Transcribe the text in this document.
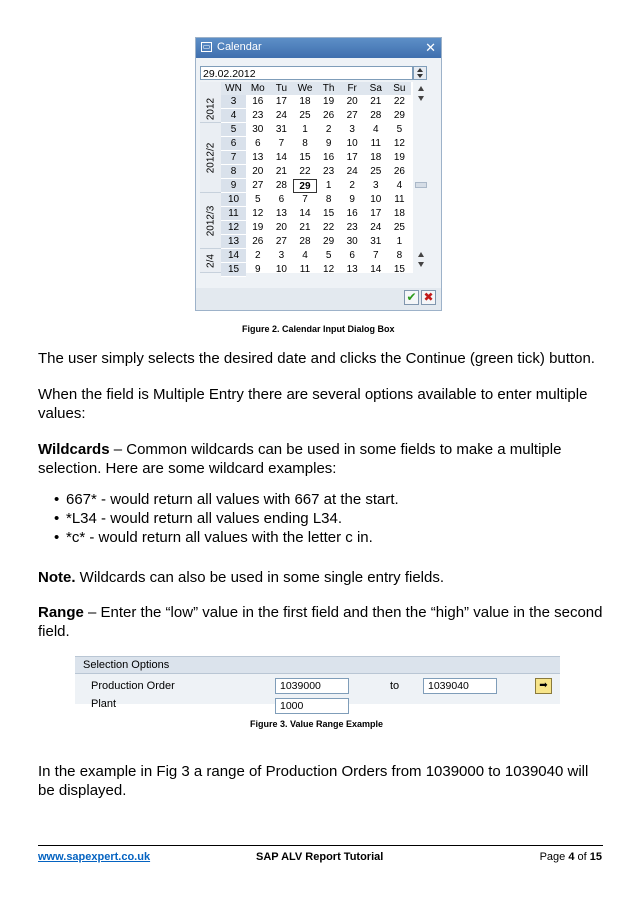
▭ Calendar	✕
29.02.2012
2012
2012/2
2012/3
2/4
WN Mo	Tu	We	Th	Fr	Sa	Su
3	16	17	18	19	20	21	22
4	23	24	25	26	27	28	29
5	30	31	1	2	3	4	5
6	6	7	8	9	10	11	12
7	13	14	15	16	17	18	19
8	20	21	22	23	24	25	26
9	27	28	29	1	2	3	4
10	5	6	7	8	9	10	11
11	12	13	14	15	16	17	18
12	19	20	21	22	23	24	25
13	26	27	28	29	30	31	1
14	2	3	4	5	6	7	8
15	9	10	11	12	13	14	15
✔ ✖
Figure 2. Calendar Input Dialog Box
The user simply selects the desired date and clicks the Continue (green tick) button.
When the field is Multiple Entry there are several options available to enter multiple values:
Wildcards – Common wildcards can be used in some fields to make a multiple selection. Here are some wildcard examples:
• 667* - would return all values with 667 at the start.
• *L34 - would return all values ending L34.
• *c* - would return all values with the letter c in.
Note. Wildcards can also be used in some single entry fields.
Range – Enter the “low” value in the first field and then the “high” value in the second field.
Selection Options
Production Order	1039000	to	1039040	➡
Plant	1000
Figure 3. Value Range Example
In the example in Fig 3 a range of Production Orders from 1039000 to 1039040 will be displayed.
www.sapexpert.co.uk	SAP ALV Report Tutorial	Page 4 of 15
